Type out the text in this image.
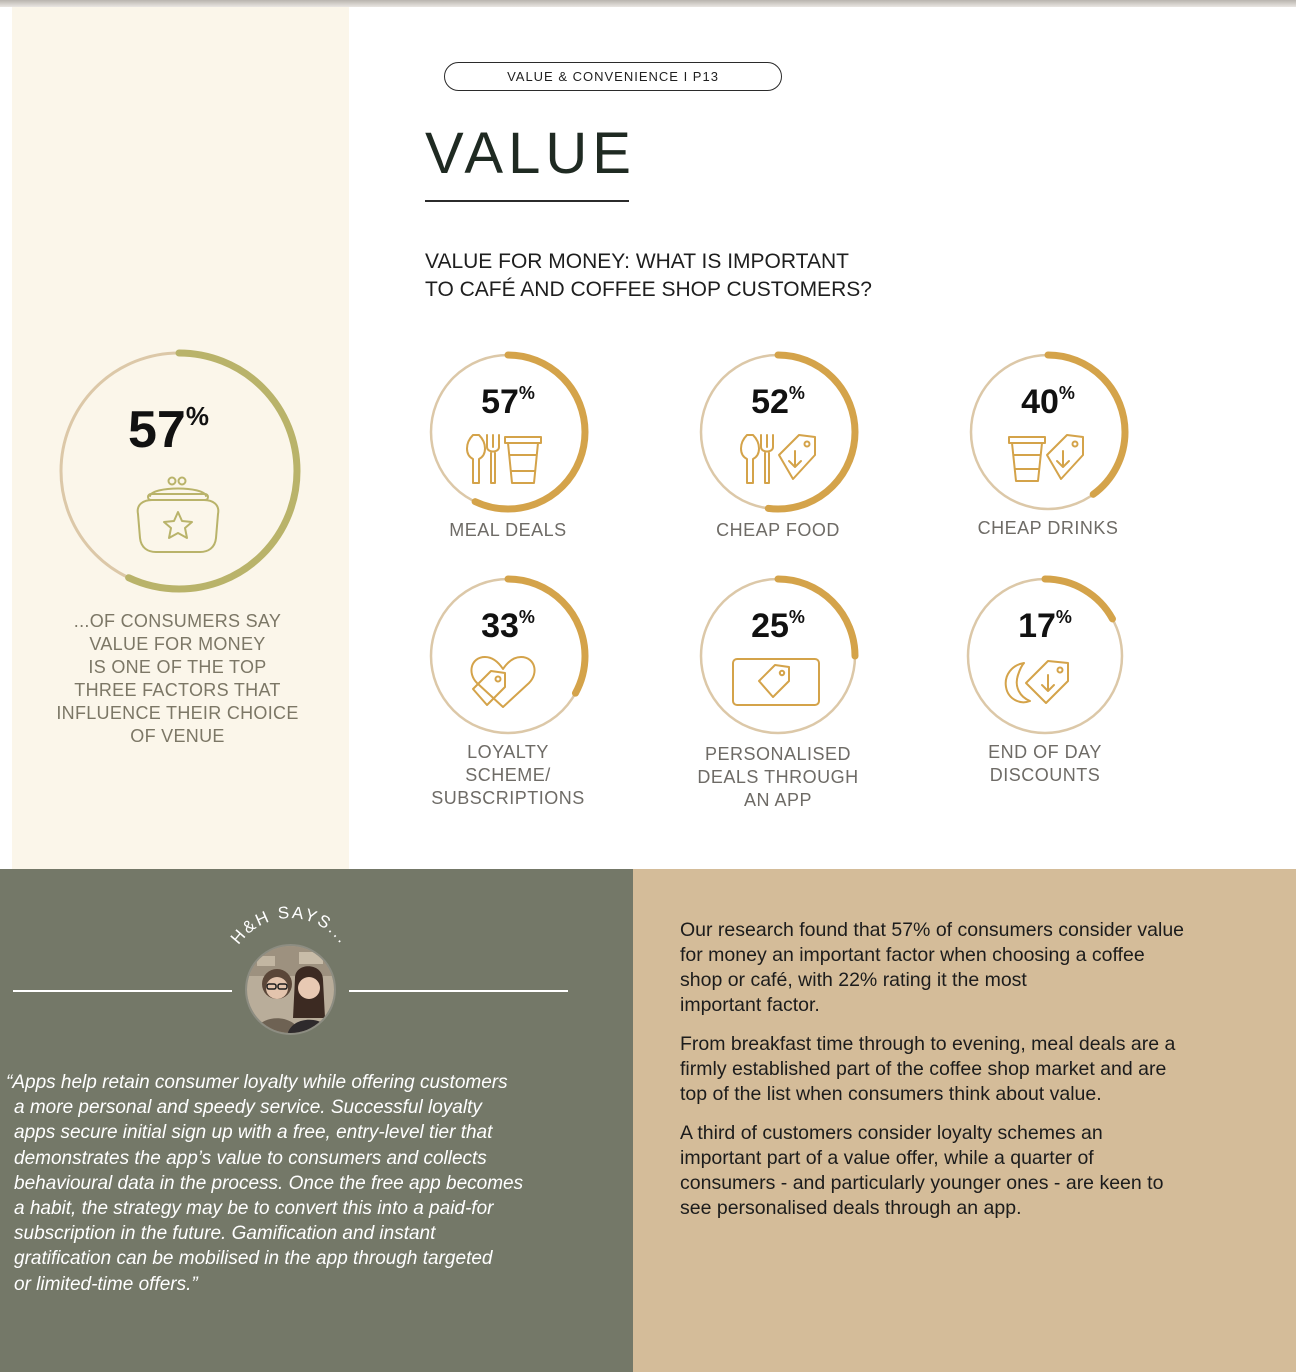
VALUE & CONVENIENCE I P13
VALUE
VALUE FOR MONEY: WHAT IS IMPORTANT
TO CAFÉ AND COFFEE SHOP CUSTOMERS?
57%
...OF CONSUMERS SAY
VALUE FOR MONEY
IS ONE OF THE TOP
THREE FACTORS THAT
INFLUENCE THEIR CHOICE
OF VENUE
57%
MEAL DEALS
52%
CHEAP FOOD
40%
CHEAP DRINKS
33%
LOYALTY
SCHEME/
SUBSCRIPTIONS
25%
PERSONALISED
DEALS THROUGH
AN APP
17%
END OF DAY
DISCOUNTS
H&H SAYS...
“Apps help retain consumer loyalty while offering customers
a more personal and speedy service. Successful loyalty
apps secure initial sign up with a free, entry-level tier that
demonstrates the app’s value to consumers and collects
behavioural data in the process. Once the free app becomes
a habit, the strategy may be to convert this into a paid-for
subscription in the future. Gamification and instant
gratification can be mobilised in the app through targeted
or limited-time offers.”

Our research found that 57% of consumers consider value
for money an important factor when choosing a coffee
shop or café, with 22% rating it the most
important factor.

From breakfast time through to evening, meal deals are a
firmly established part of the coffee shop market and are
top of the list when consumers think about value.

A third of customers consider loyalty schemes an
important part of a value offer, while a quarter of
consumers - and particularly younger ones - are keen to
see personalised deals through an app.
